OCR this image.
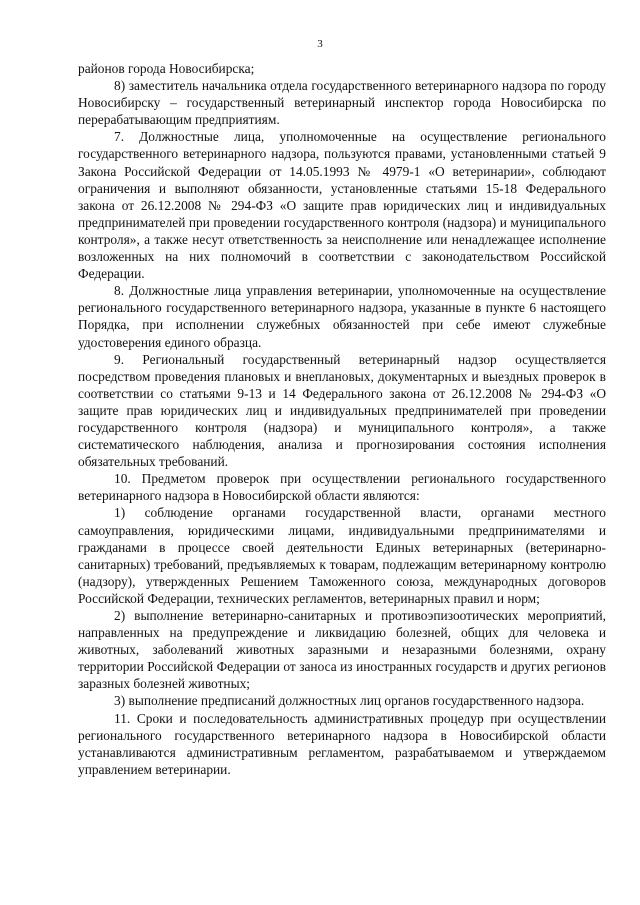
3

районов города Новосибирска;

8) заместитель начальника отдела государственного ветеринарного надзора по городу Новосибирску – государственный ветеринарный инспектор города Новосибирска по перерабатывающим предприятиям.

7. Должностные лица, уполномоченные на осуществление регионального государственного ветеринарного надзора, пользуются правами, установленными статьей 9 Закона Российской Федерации от 14.05.1993 № 4979-1 «О ветеринарии», соблюдают ограничения и выполняют обязанности, установленные статьями 15-18 Федерального закона от 26.12.2008 № 294-ФЗ «О защите прав юридических лиц и индивидуальных предпринимателей при проведении государственного контроля (надзора) и муниципального контроля», а также несут ответственность за неисполнение или ненадлежащее исполнение возложенных на них полномочий в соответствии с законодательством Российской Федерации.

8. Должностные лица управления ветеринарии, уполномоченные на осуществление регионального государственного ветеринарного надзора, указанные в пункте 6 настоящего Порядка, при исполнении служебных обязанностей при себе имеют служебные удостоверения единого образца.

9. Региональный государственный ветеринарный надзор осуществляется посредством проведения плановых и внеплановых, документарных и выездных проверок в соответствии со статьями 9-13 и 14 Федерального закона от 26.12.2008 № 294-ФЗ «О защите прав юридических лиц и индивидуальных предпринимателей при проведении государственного контроля (надзора) и муниципального контроля», а также систематического наблюдения, анализа и прогнозирования состояния исполнения обязательных требований.

10. Предметом проверок при осуществлении регионального государственного ветеринарного надзора в Новосибирской области являются:

1) соблюдение органами государственной власти, органами местного самоуправления, юридическими лицами, индивидуальными предпринимателями и гражданами в процессе своей деятельности Единых ветеринарных (ветеринарно-санитарных) требований, предъявляемых к товарам, подлежащим ветеринарному контролю (надзору), утвержденных Решением Таможенного союза, международных договоров Российской Федерации, технических регламентов, ветеринарных правил и норм;

2) выполнение ветеринарно-санитарных и противоэпизоотических мероприятий, направленных на предупреждение и ликвидацию болезней, общих для человека и животных, заболеваний животных заразными и незаразными болезнями, охрану территории Российской Федерации от заноса из иностранных государств и других регионов заразных болезней животных;

3) выполнение предписаний должностных лиц органов государственного надзора.

11. Сроки и последовательность административных процедур при осуществлении регионального государственного ветеринарного надзора в Новосибирской области устанавливаются административным регламентом, разрабатываемом и утверждаемом управлением ветеринарии.
